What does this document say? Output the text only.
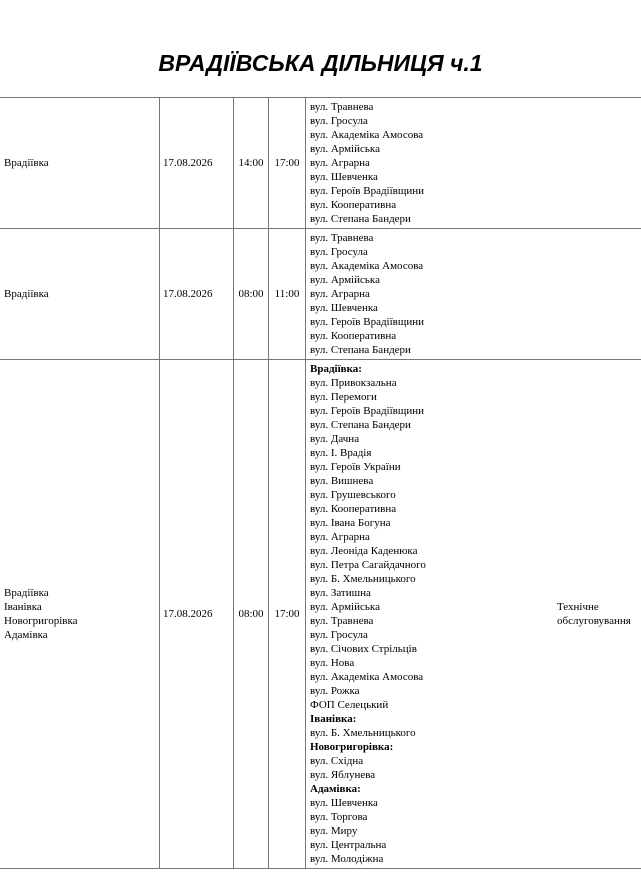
ВРАДІЇВСЬКА ДІЛЬНИЦЯ ч.1
Врадіївка	17.08.2026 14:00 17:00
вул. Травнева
вул. Гросула
вул. Академіка Амосова
вул. Армійська
вул. Аграрна
вул. Шевченка
вул. Героїв Врадіївщини
вул. Кооперативна
вул. Степана Бандери
Врадіївка	17.08.2026 08:00 11:00
вул. Травнева
вул. Гросула
вул. Академіка Амосова
вул. Армійська
вул. Аграрна
вул. Шевченка
вул. Героїв Врадіївщини
вул. Кооперативна
вул. Степана Бандери
Врадіївка
Іванівка
Новогригорівка
Адамівка
17.08.2026 08:00 17:00
Технічне
обслуговування
Врадіївка:
вул. Привокзальна
вул. Перемоги
вул. Героїв Врадіївщини
вул. Степана Бандери
вул. Дачна
вул. І. Врадія
вул. Героїв України
вул. Вишнева
вул. Грушевського
вул. Кооперативна
вул. Івана Богуна
вул. Аграрна
вул. Леоніда Каденюка
вул. Петра Сагайдачного
вул. Б. Хмельницького
вул. Затишна
вул. Армійська
вул. Травнева
вул. Гросула
вул. Січових Стрільців
вул. Нова
вул. Академіка Амосова
вул. Рожка
ФОП Селецький
Іванівка:
вул. Б. Хмельницького
Новогригорівка:
вул. Східна
вул. Яблунева
Адамівка:
вул. Шевченка
вул. Торгова
вул. Миру
вул. Центральна
вул. Молодіжна
